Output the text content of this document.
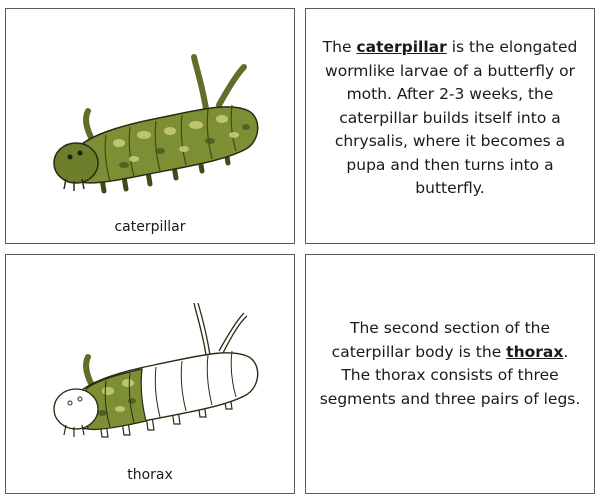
caterpillar
The caterpillar is the elongated wormlike larvae of a butterfly or moth. After 2-3 weeks, the caterpillar builds itself into a chrysalis, where it becomes a pupa and then turns into a butterfly.
thorax
The second section of the caterpillar body is the thorax. The thorax consists of three segments and three pairs of legs.
